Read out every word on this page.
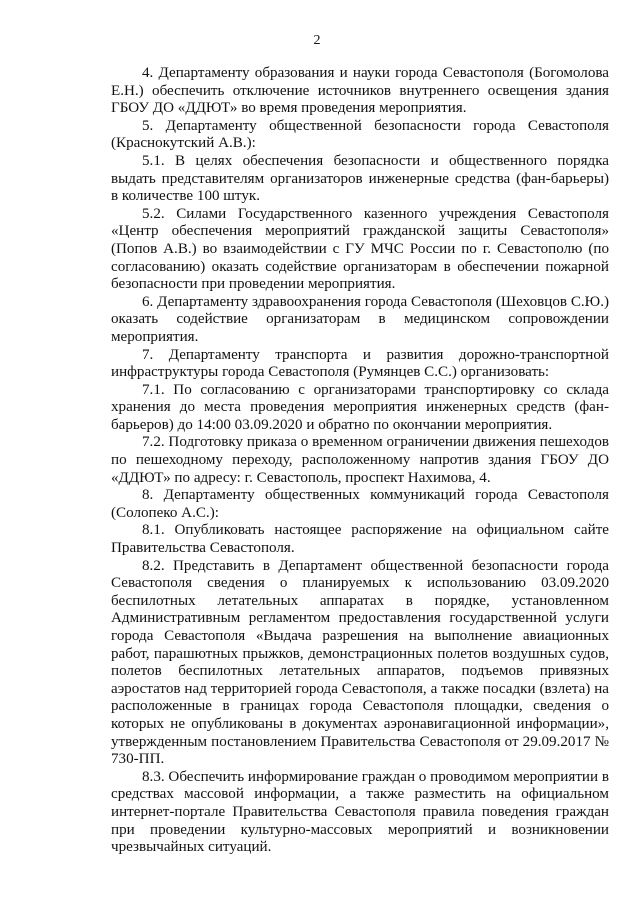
2

4. Департаменту образования и науки города Севастополя (Богомолова Е.Н.) обеспечить отключение источников внутреннего освещения здания ГБОУ ДО «ДДЮТ» во время проведения мероприятия.

5. Департаменту общественной безопасности города Севастополя (Краснокутский А.В.):

5.1. В целях обеспечения безопасности и общественного порядка выдать представителям организаторов инженерные средства (фан-барьеры) в количестве 100 штук.

5.2. Силами Государственного казенного учреждения Севастополя «Центр обеспечения мероприятий гражданской защиты Севастополя» (Попов А.В.) во взаимодействии с ГУ МЧС России по г. Севастополю (по согласованию) оказать содействие организаторам в обеспечении пожарной безопасности при проведении мероприятия.

6. Департаменту здравоохранения города Севастополя (Шеховцов С.Ю.) оказать содействие организаторам в медицинском сопровождении мероприятия.

7. Департаменту транспорта и развития дорожно-транспортной инфраструктуры города Севастополя (Румянцев С.С.) организовать:

7.1. По согласованию с организаторами транспортировку со склада хранения до места проведения мероприятия инженерных средств (фан-барьеров) до 14:00 03.09.2020 и обратно по окончании мероприятия.

7.2. Подготовку приказа о временном ограничении движения пешеходов по пешеходному переходу, расположенному напротив здания ГБОУ ДО «ДДЮТ» по адресу: г. Севастополь, проспект Нахимова, 4.

8. Департаменту общественных коммуникаций города Севастополя (Солопеко А.С.):

8.1. Опубликовать настоящее распоряжение на официальном сайте Правительства Севастополя.

8.2. Представить в Департамент общественной безопасности города Севастополя сведения о планируемых к использованию 03.09.2020 беспилотных летательных аппаратах в порядке, установленном Административным регламентом предоставления государственной услуги города Севастополя «Выдача разрешения на выполнение авиационных работ, парашютных прыжков, демонстрационных полетов воздушных судов, полетов беспилотных летательных аппаратов, подъемов привязных аэростатов над территорией города Севастополя, а также посадки (взлета) на расположенные в границах города Севастополя площадки, сведения о которых не опубликованы в документах аэронавигационной информации», утвержденным постановлением Правительства Севастополя от 29.09.2017 № 730-ПП.

8.3. Обеспечить информирование граждан о проводимом мероприятии в средствах массовой информации, а также разместить на официальном интернет-портале Правительства Севастополя правила поведения граждан при проведении культурно-массовых мероприятий и возникновении чрезвычайных ситуаций.
